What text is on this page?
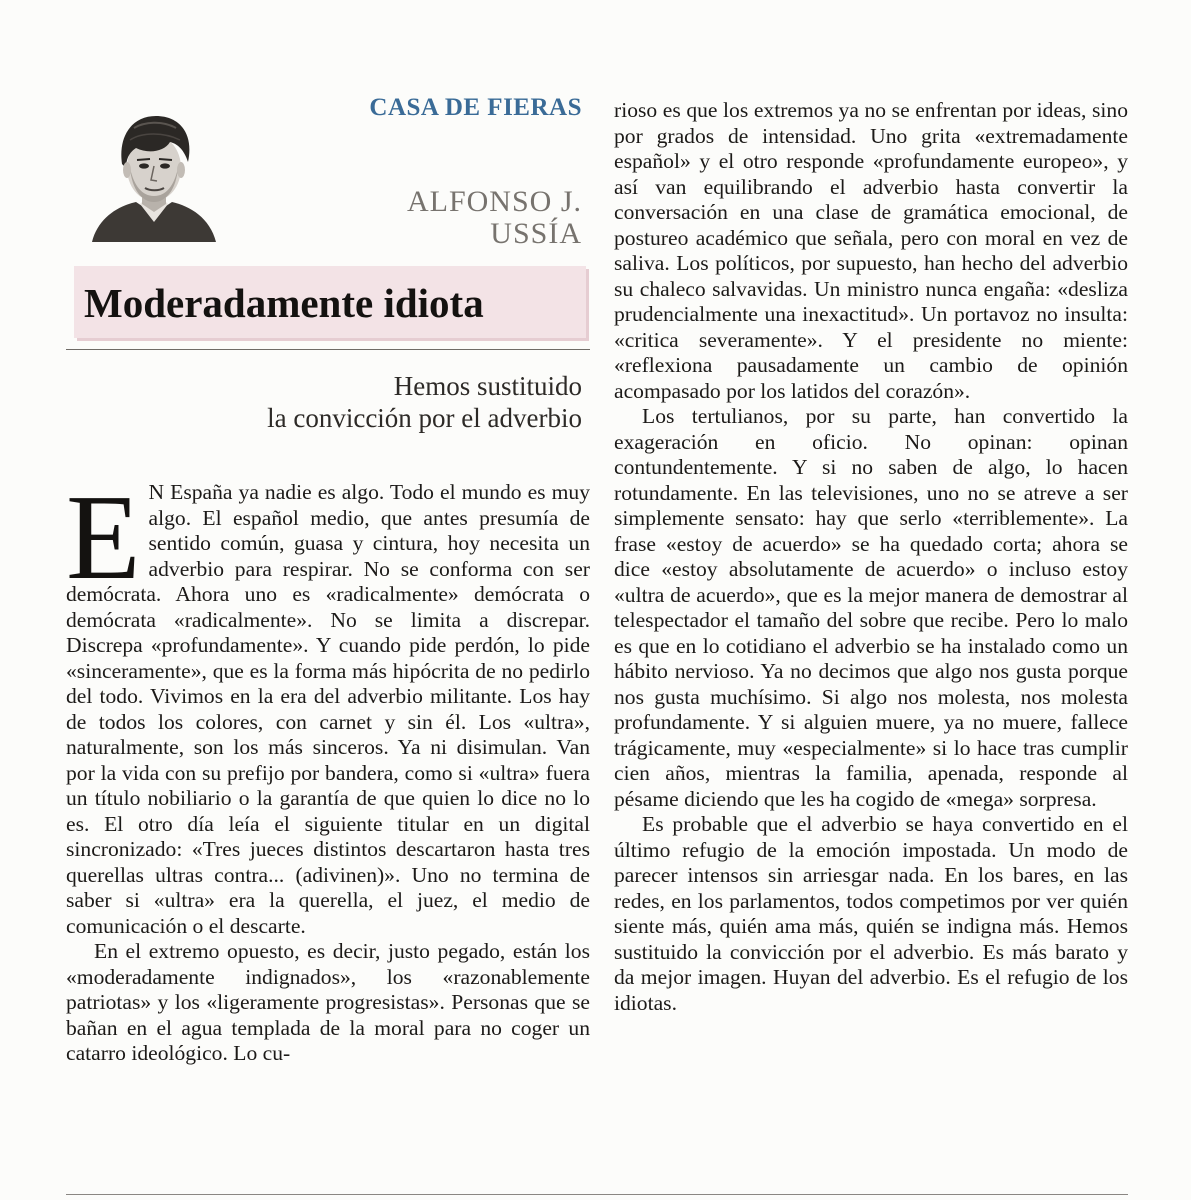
CASA DE FIERAS
ALFONSO J.
USSÍA
Moderadamente idiota
Hemos sustituido
la convicción por el adverbio

E N España ya nadie es algo. Todo el mundo es muy algo. El español medio, que antes presumía de sentido común, guasa y cintura, hoy necesita un adverbio para respirar. No se conforma con ser demócrata. Ahora uno es «radicalmente» demócrata o demócrata «radicalmente». No se limita a discrepar. Discrepa «profundamente». Y cuando pide perdón, lo pide «sinceramente», que es la forma más hipócrita de no pedirlo del todo. Vivimos en la era del adverbio militante. Los hay de todos los colores, con carnet y sin él. Los «ultra», naturalmente, son los más sinceros. Ya ni disimulan. Van por la vida con su prefijo por bandera, como si «ultra» fuera un título nobiliario o la garantía de que quien lo dice no lo es. El otro día leía el siguiente titular en un digital sincronizado: «Tres jueces distintos descartaron hasta tres querellas ultras contra... (adivinen)». Uno no termina de saber si «ultra» era la querella, el juez, el medio de comunicación o el descarte.

En el extremo opuesto, es decir, justo pegado, están los «moderadamente indignados», los «razonablemente patriotas» y los «ligeramente progresistas». Personas que se bañan en el agua templada de la moral para no coger un catarro ideológico. Lo cu-

rioso es que los extremos ya no se enfrentan por ideas, sino por grados de intensidad. Uno grita «extremadamente español» y el otro responde «profundamente europeo», y así van equilibrando el adverbio hasta convertir la conversación en una clase de gramática emocional, de postureo académico que señala, pero con moral en vez de saliva. Los políticos, por supuesto, han hecho del adverbio su chaleco salvavidas. Un ministro nunca engaña: «desliza prudencialmente una inexactitud». Un portavoz no insulta: «critica severamente». Y el presidente no miente: «reflexiona pausadamente un cambio de opinión acompasado por los latidos del corazón».

Los tertulianos, por su parte, han convertido la exageración en oficio. No opinan: opinan contundentemente. Y si no saben de algo, lo hacen rotundamente. En las televisiones, uno no se atreve a ser simplemente sensato: hay que serlo «terriblemente». La frase «estoy de acuerdo» se ha quedado corta; ahora se dice «estoy absolutamente de acuerdo» o incluso estoy «ultra de acuerdo», que es la mejor manera de demostrar al telespectador el tamaño del sobre que recibe. Pero lo malo es que en lo cotidiano el adverbio se ha instalado como un hábito nervioso. Ya no decimos que algo nos gusta porque nos gusta muchísimo. Si algo nos molesta, nos molesta profundamente. Y si alguien muere, ya no muere, fallece trágicamente, muy «especialmente» si lo hace tras cumplir cien años, mientras la familia, apenada, responde al pésame diciendo que les ha cogido de «mega» sorpresa.

Es probable que el adverbio se haya convertido en el último refugio de la emoción impostada. Un modo de parecer intensos sin arriesgar nada. En los bares, en las redes, en los parlamentos, todos competimos por ver quién siente más, quién ama más, quién se indigna más. Hemos sustituido la convicción por el adverbio. Es más barato y da mejor imagen. Huyan del adverbio. Es el refugio de los idiotas.
